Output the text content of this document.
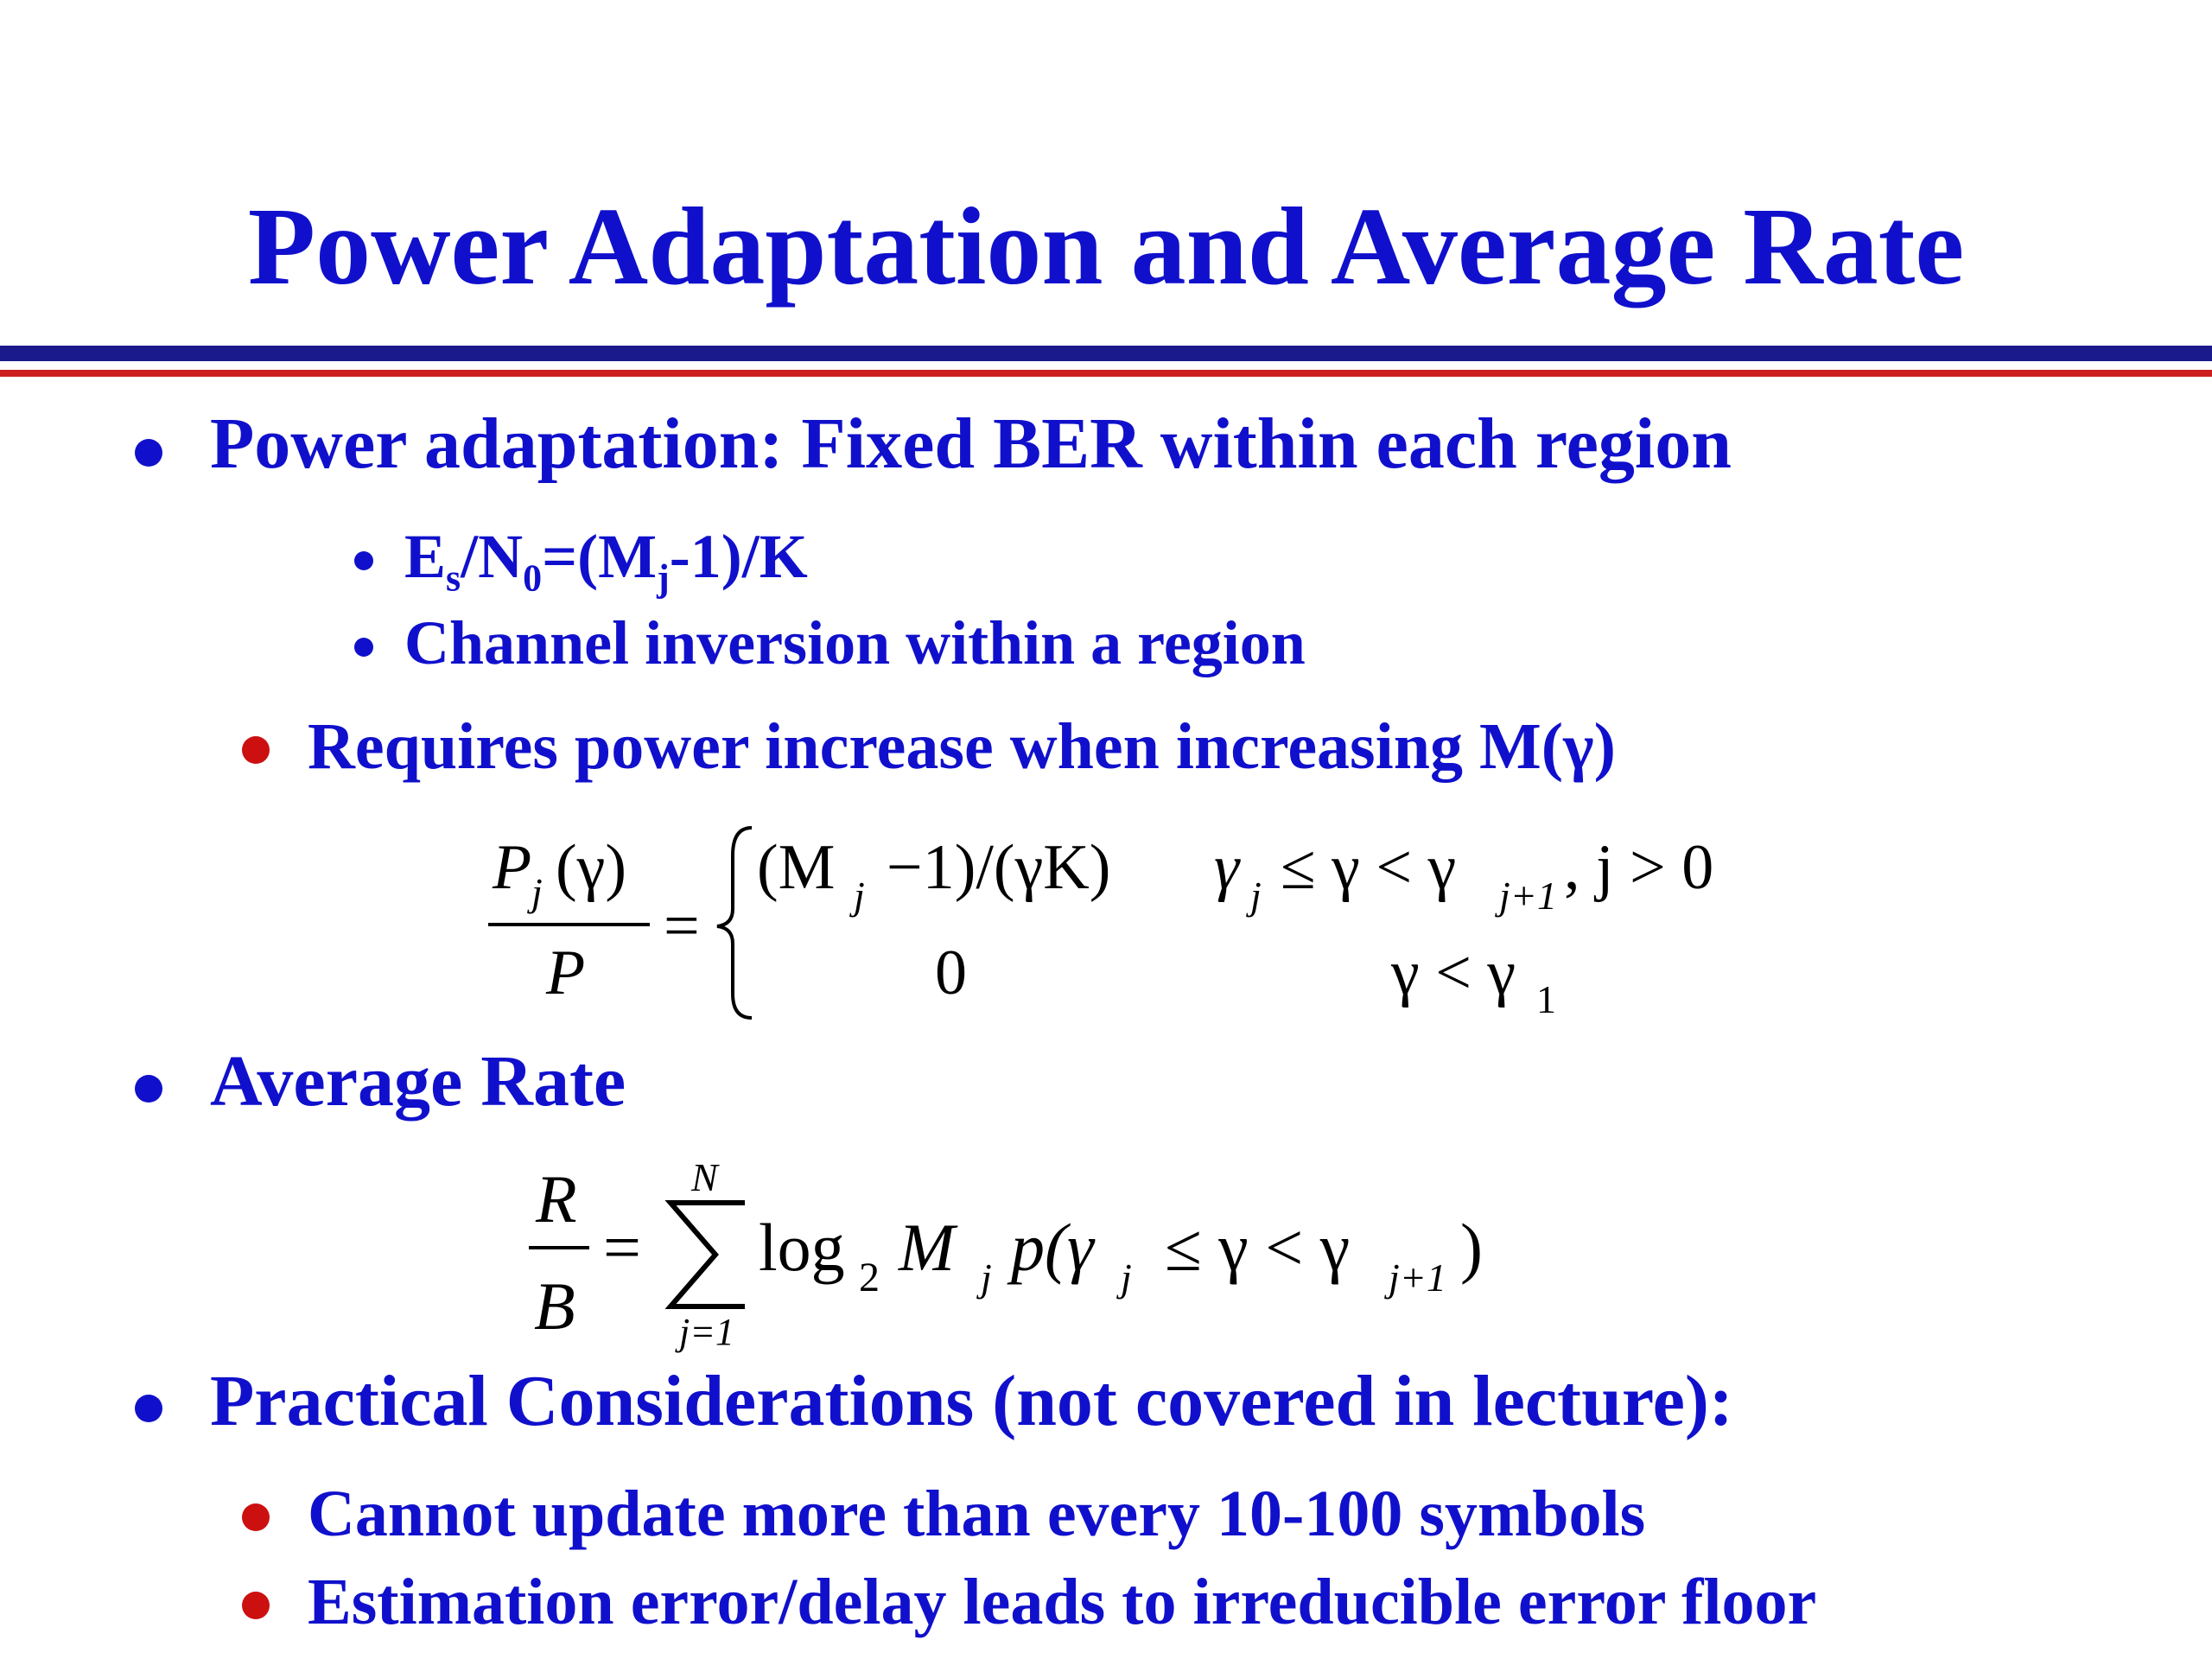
Power Adaptation and Average Rate
Power adaptation: Fixed BER within each region
$E_s/N_0=(M_j-1)/K$
Channel inversion within a region
Requires power increase when increasing M(γ)
P j (γ)
P
=
(M j −1)/(γK) γ j ≤ γ < γ j+1 , j > 0
0	γ < γ 1
Average Rate
R
B
=
N
j=1
log 2 M j p(γ j ≤ γ < γ j+1 )
Practical Considerations (not covered in lecture):
Cannot update more than every 10-100 symbols
Estimation error/delay leads to irreducible error floor
